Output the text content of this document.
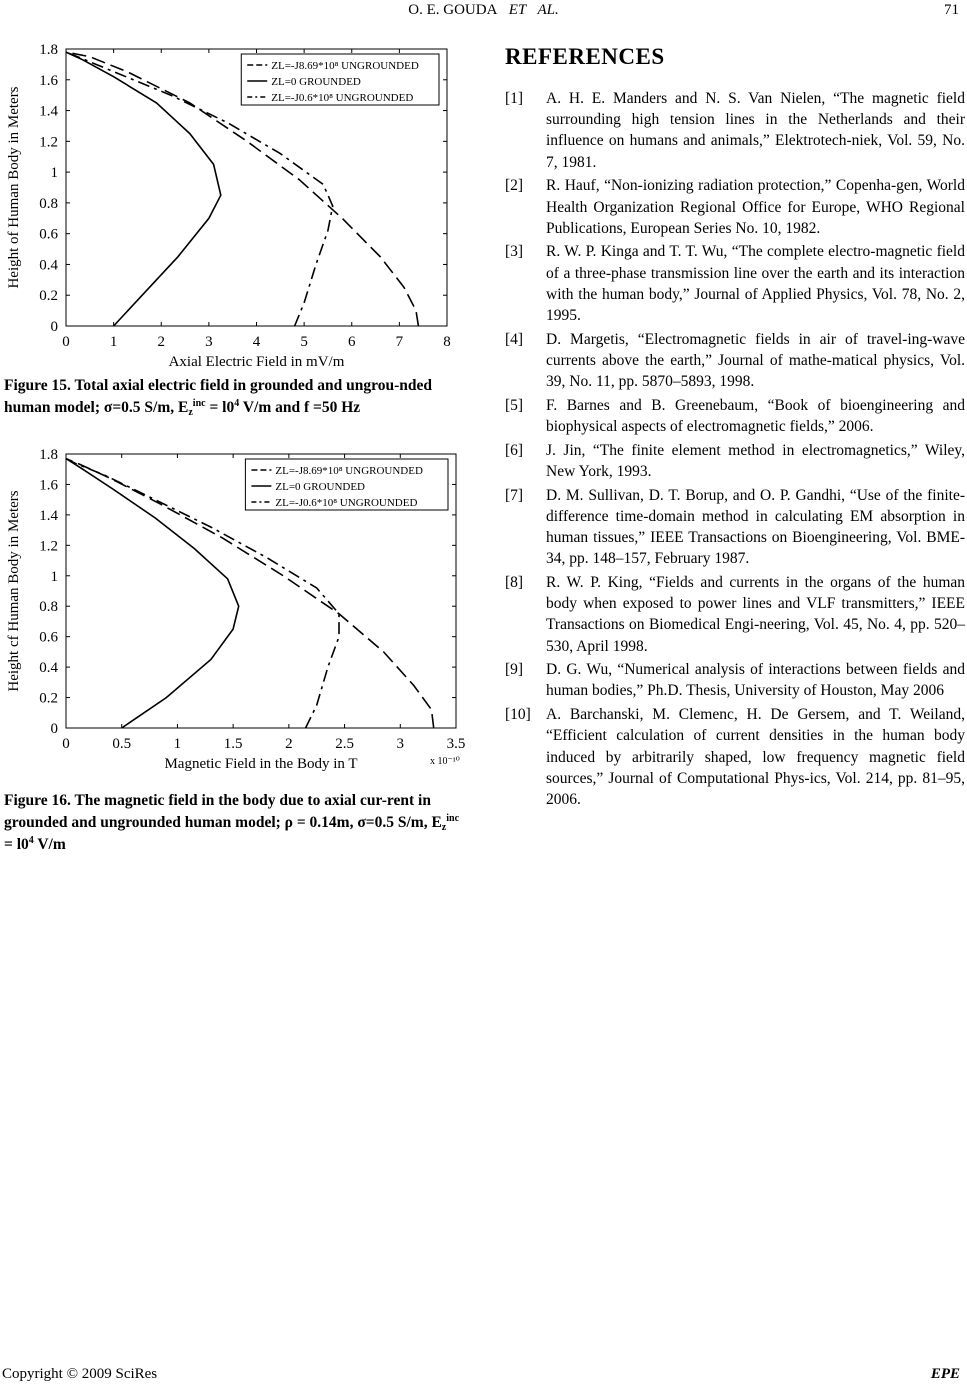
O. E. GOUDA ET AL.	71
0	1	2	3	4	5	6	7	8
0
0.2
0.4
0.6
0.8
1
1.2
1.4
1.6
1.8
Axial Electric Field in mV/m
Height of Human Body in Meters
ZL=-J8.69*10⁸ UNGROUNDED
ZL=0 GROUNDED
ZL=-J0.6*10⁸ UNGROUNDED
Figure 15. Total axial electric field in grounded and ungrou-nded human model; σ=0.5 S/m, $E_z^{inc} = l0^4$ V/m and f =50 Hz
0	0.5	1	1.5	2	2.5	3	3.5
0
0.2
0.4
0.6
0.8
1
1.2
1.4
1.6
1.8
Magnetic Field in the Body in T
Height cf Human Body in Meters
x 10⁻¹⁰
ZL=-J8.69*10⁸ UNGROUNDED
ZL=0 GROUNDED
ZL=-J0.6*10⁸ UNGROUNDED
Figure 16. The magnetic field in the body due to axial cur-rent in grounded and ungrounded human model; ρ = 0.14m, σ=0.5 S/m, $E_z^{inc} = l0^4$ V/m
REFERENCES
[1] A. H. E. Manders and N. S. Van Nielen, “The magnetic field surrounding high tension lines in the Netherlands and their influence on humans and animals,” Elektrotech-niek, Vol. 59, No. 7, 1981.
[2] R. Hauf, “Non-ionizing radiation protection,” Copenha-gen, World Health Organization Regional Office for Europe, WHO Regional Publications, European Series No. 10, 1982.
[3] R. W. P. Kinga and T. T. Wu, “The complete electro-magnetic field of a three-phase transmission line over the earth and its interaction with the human body,” Journal of Applied Physics, Vol. 78, No. 2, 1995.
[4] D. Margetis, “Electromagnetic fields in air of travel-ing-wave currents above the earth,” Journal of mathe-matical physics, Vol. 39, No. 11, pp. 5870–5893, 1998.
[5] F. Barnes and B. Greenebaum, “Book of bioengineering and biophysical aspects of electromagnetic fields,” 2006.
[6] J. Jin, “The finite element method in electromagnetics,” Wiley, New York, 1993.
[7] D. M. Sullivan, D. T. Borup, and O. P. Gandhi, “Use of the finite-difference time-domain method in calculating EM absorption in human tissues,” IEEE Transactions on Bioengineering, Vol. BME-34, pp. 148–157, February 1987.
[8] R. W. P. King, “Fields and currents in the organs of the human body when exposed to power lines and VLF transmitters,” IEEE Transactions on Biomedical Engi-neering, Vol. 45, No. 4, pp. 520–530, April 1998.
[9] D. G. Wu, “Numerical analysis of interactions between fields and human bodies,” Ph.D. Thesis, University of Houston, May 2006
[10] A. Barchanski, M. Clemenc, H. De Gersem, and T. Weiland, “Efficient calculation of current densities in the human body induced by arbitrarily shaped, low frequency magnetic field sources,” Journal of Computational Phys-ics, Vol. 214, pp. 81–95, 2006.
Copyright © 2009 SciRes	EPE
